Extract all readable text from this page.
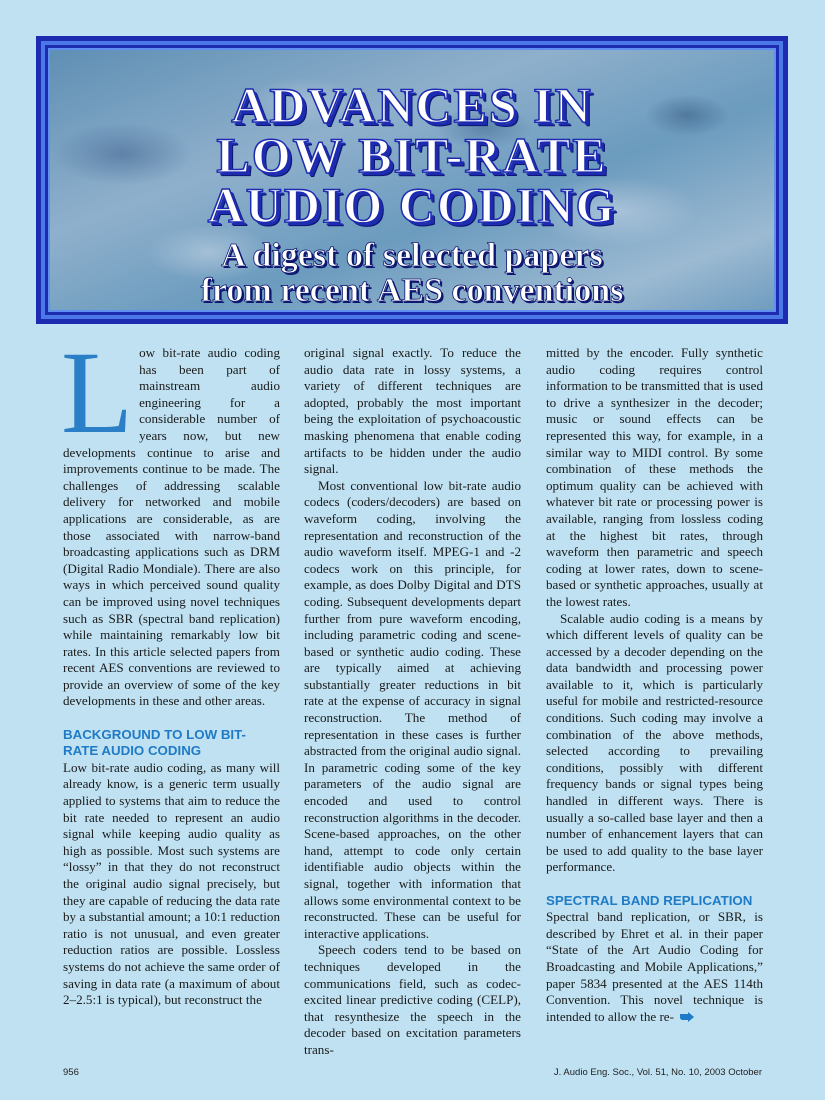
ADVANCES IN
LOW BIT-RATE
AUDIO CODING
A digest of selected papers
from recent AES conventions
L ow bit-rate audio coding has been part of mainstream audio engineering for a considerable number of years now, but new developments continue to arise and improvements continue to be made. The challenges of addressing scalable delivery for networked and mobile applications are considerable, as are those associated with narrow-band broadcasting applications such as DRM (Digital Radio Mondiale). There are also ways in which perceived sound quality can be improved using novel techniques such as SBR (spectral band replication) while maintaining remarkably low bit rates. In this article selected papers from recent AES conventions are reviewed to provide an overview of some of the key developments in these and other areas.

BACKGROUND TO LOW BIT-RATE AUDIO CODING

Low bit-rate audio coding, as many will already know, is a generic term usually applied to systems that aim to reduce the bit rate needed to represent an audio signal while keeping audio quality as high as possible. Most such systems are “lossy” in that they do not reconstruct the original audio signal precisely, but they are capable of reducing the data rate by a substantial amount; a 10:1 reduction ratio is not unusual, and even greater reduction ratios are possible. Lossless systems do not achieve the same order of saving in data rate (a maximum of about 2–2.5:1 is typical), but reconstruct the

original signal exactly. To reduce the audio data rate in lossy systems, a variety of different techniques are adopted, probably the most important being the exploitation of psychoacoustic masking phenomena that enable coding artifacts to be hidden under the audio signal.

Most conventional low bit-rate audio codecs (coders/decoders) are based on waveform coding, involving the representation and reconstruction of the audio waveform itself. MPEG-1 and -2 codecs work on this principle, for example, as does Dolby Digital and DTS coding. Subsequent developments depart further from pure waveform encoding, including parametric coding and scene-based or synthetic audio coding. These are typically aimed at achieving substantially greater reductions in bit rate at the expense of accuracy in signal reconstruction. The method of representation in these cases is further abstracted from the original audio signal. In parametric coding some of the key parameters of the audio signal are encoded and used to control reconstruction algorithms in the decoder. Scene-based approaches, on the other hand, attempt to code only certain identifiable audio objects within the signal, together with information that allows some environmental context to be reconstructed. These can be useful for interactive applications.

Speech coders tend to be based on techniques developed in the communications field, such as codec-excited linear predictive coding (CELP), that resynthesize the speech in the decoder based on excitation parameters trans-

mitted by the encoder. Fully synthetic audio coding requires control information to be transmitted that is used to drive a synthesizer in the decoder; music or sound effects can be represented this way, for example, in a similar way to MIDI control. By some combination of these methods the optimum quality can be achieved with whatever bit rate or processing power is available, ranging from lossless coding at the highest bit rates, through waveform then parametric and speech coding at lower rates, down to scene-based or synthetic approaches, usually at the lowest rates.

Scalable audio coding is a means by which different levels of quality can be accessed by a decoder depending on the data bandwidth and processing power available to it, which is particularly useful for mobile and restricted-resource conditions. Such coding may involve a combination of the above methods, selected according to prevailing conditions, possibly with different frequency bands or signal types being handled in different ways. There is usually a so-called base layer and then a number of enhancement layers that can be used to add quality to the base layer performance.

SPECTRAL BAND REPLICATION

Spectral band replication, or SBR, is described by Ehret et al. in their paper “State of the Art Audio Coding for Broadcasting and Mobile Applications,” paper 5834 presented at the AES 114th Convention. This novel technique is intended to allow the re-

956	J. Audio Eng. Soc., Vol. 51, No. 10, 2003 October
